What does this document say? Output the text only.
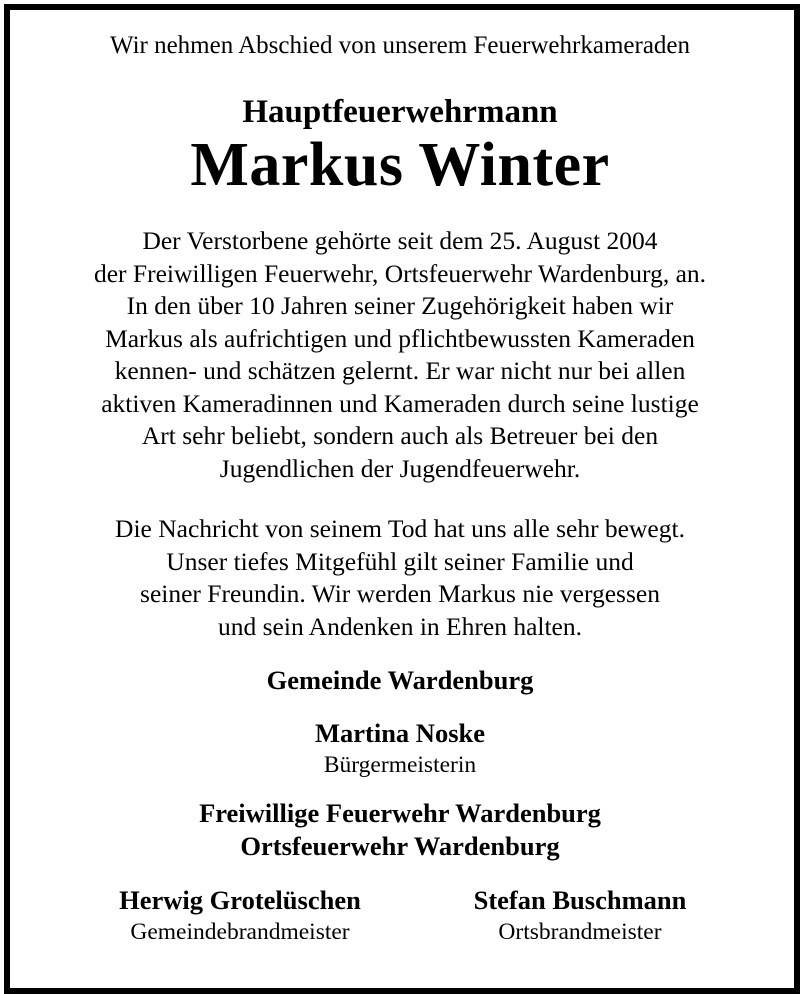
Wir nehmen Abschied von unserem Feuerwehrkameraden
Hauptfeuerwehrmann
Markus Winter
Der Verstorbene gehörte seit dem 25. August 2004
der Freiwilligen Feuerwehr, Ortsfeuerwehr Wardenburg, an.
In den über 10 Jahren seiner Zugehörigkeit haben wir
Markus als aufrichtigen und pflichtbewussten Kameraden
kennen- und schätzen gelernt. Er war nicht nur bei allen
aktiven Kameradinnen und Kameraden durch seine lustige
Art sehr beliebt, sondern auch als Betreuer bei den
Jugendlichen der Jugendfeuerwehr.
Die Nachricht von seinem Tod hat uns alle sehr bewegt.
Unser tiefes Mitgefühl gilt seiner Familie und
seiner Freundin. Wir werden Markus nie vergessen
und sein Andenken in Ehren halten.
Gemeinde Wardenburg
Martina Noske
Bürgermeisterin
Freiwillige Feuerwehr Wardenburg
Ortsfeuerwehr Wardenburg
Herwig Grotelüschen
Gemeindebrandmeister
Stefan Buschmann
Ortsbrandmeister
